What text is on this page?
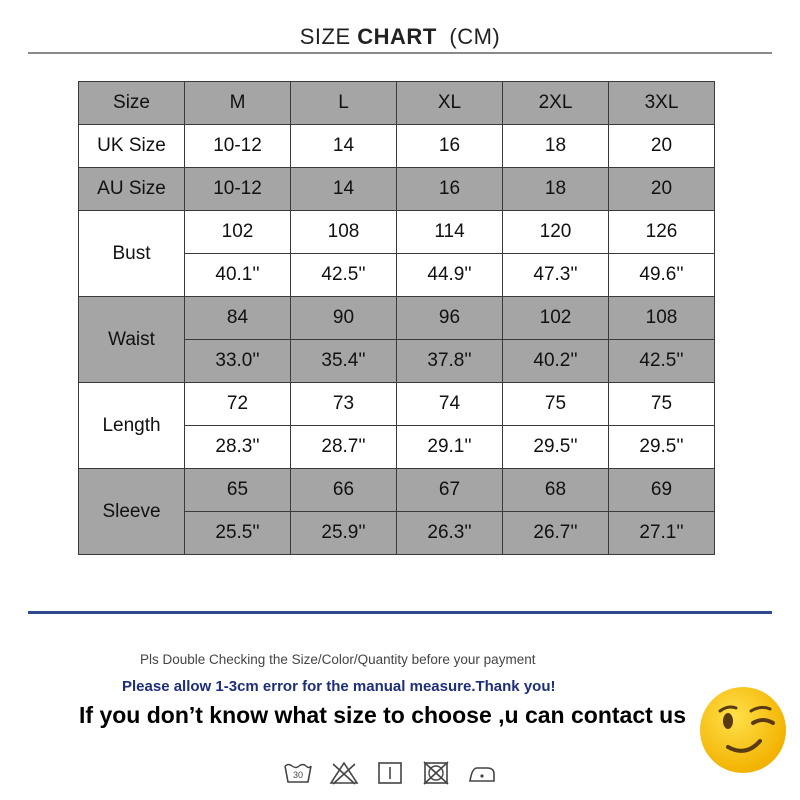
SIZE CHART (CM)
Size	M	L	XL	2XL	3XL
UK Size	10-12	14	16	18	20
AU Size	10-12	14	16	18	20
Bust	102	108	114	120	126
	40.1''	42.5''	44.9''	47.3''	49.6''
Waist	84	90	96	102	108
	33.0''	35.4''	37.8''	40.2''	42.5''
Length	72	73	74	75	75
	28.3''	28.7''	29.1''	29.5''	29.5''
Sleeve	65	66	67	68	69
	25.5''	25.9''	26.3''	26.7''	27.1''
Pls Double Checking the Size/Color/Quantity before your payment
Please allow 1-3cm error for the manual measure.Thank you!
If you don’t know what size to choose ,u can contact us
30
